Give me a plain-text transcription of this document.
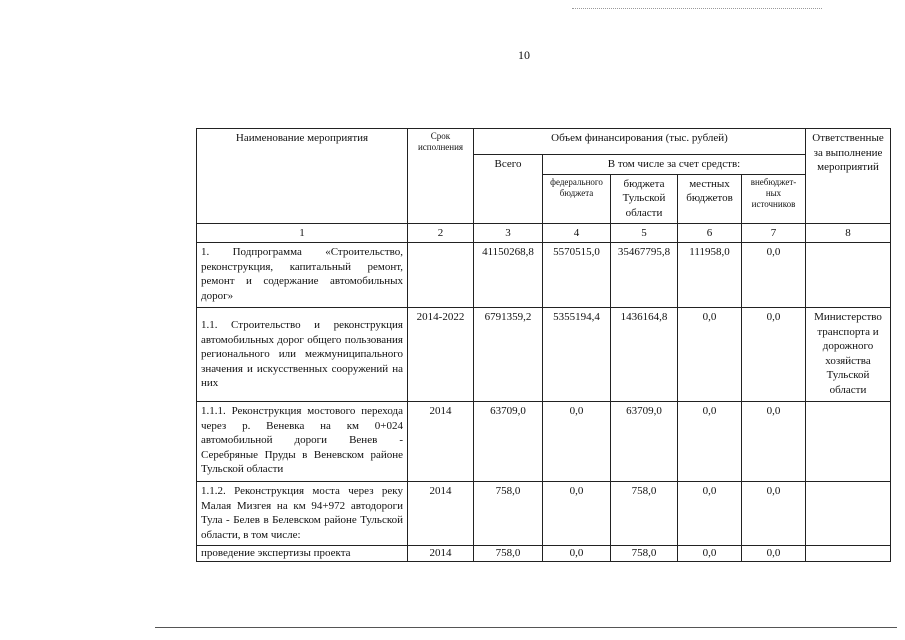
10
Наименование мероприятия	Срок исполнения	Объем финансирования (тыс. рублей)					Ответственные за выполнение мероприятий
		Всего	В том числе за счет средств:				
			федерального бюджета	бюджета Тульской области	местных бюджетов	внебюджет-ных источников	
1	2	3	4	5	6	7	8
1. Подпрограмма «Строительство, реконструкция, капитальный ремонт, ремонт и содержание автомобильных дорог»		41150268,8	5570515,0	35467795,8	111958,0	0,0	
1.1. Строительство и реконструкция автомобильных дорог общего пользования регионального или межмуниципального значения и искусственных сооружений на них	2014-2022	6791359,2	5355194,4	1436164,8	0,0	0,0	Министерство транспорта и дорожного хозяйства Тульской области
1.1.1. Реконструкция мостового перехода через р. Веневка на км 0+024 автомобильной дороги Венев - Серебряные Пруды в Веневском районе Тульской области	2014	63709,0	0,0	63709,0	0,0	0,0	
1.1.2. Реконструкция моста через реку Малая Мизгея на км 94+972 автодороги Тула - Белев в Белевском районе Тульской области, в том числе:	2014	758,0	0,0	758,0	0,0	0,0	
проведение экспертизы проекта	2014	758,0	0,0	758,0	0,0	0,0	
